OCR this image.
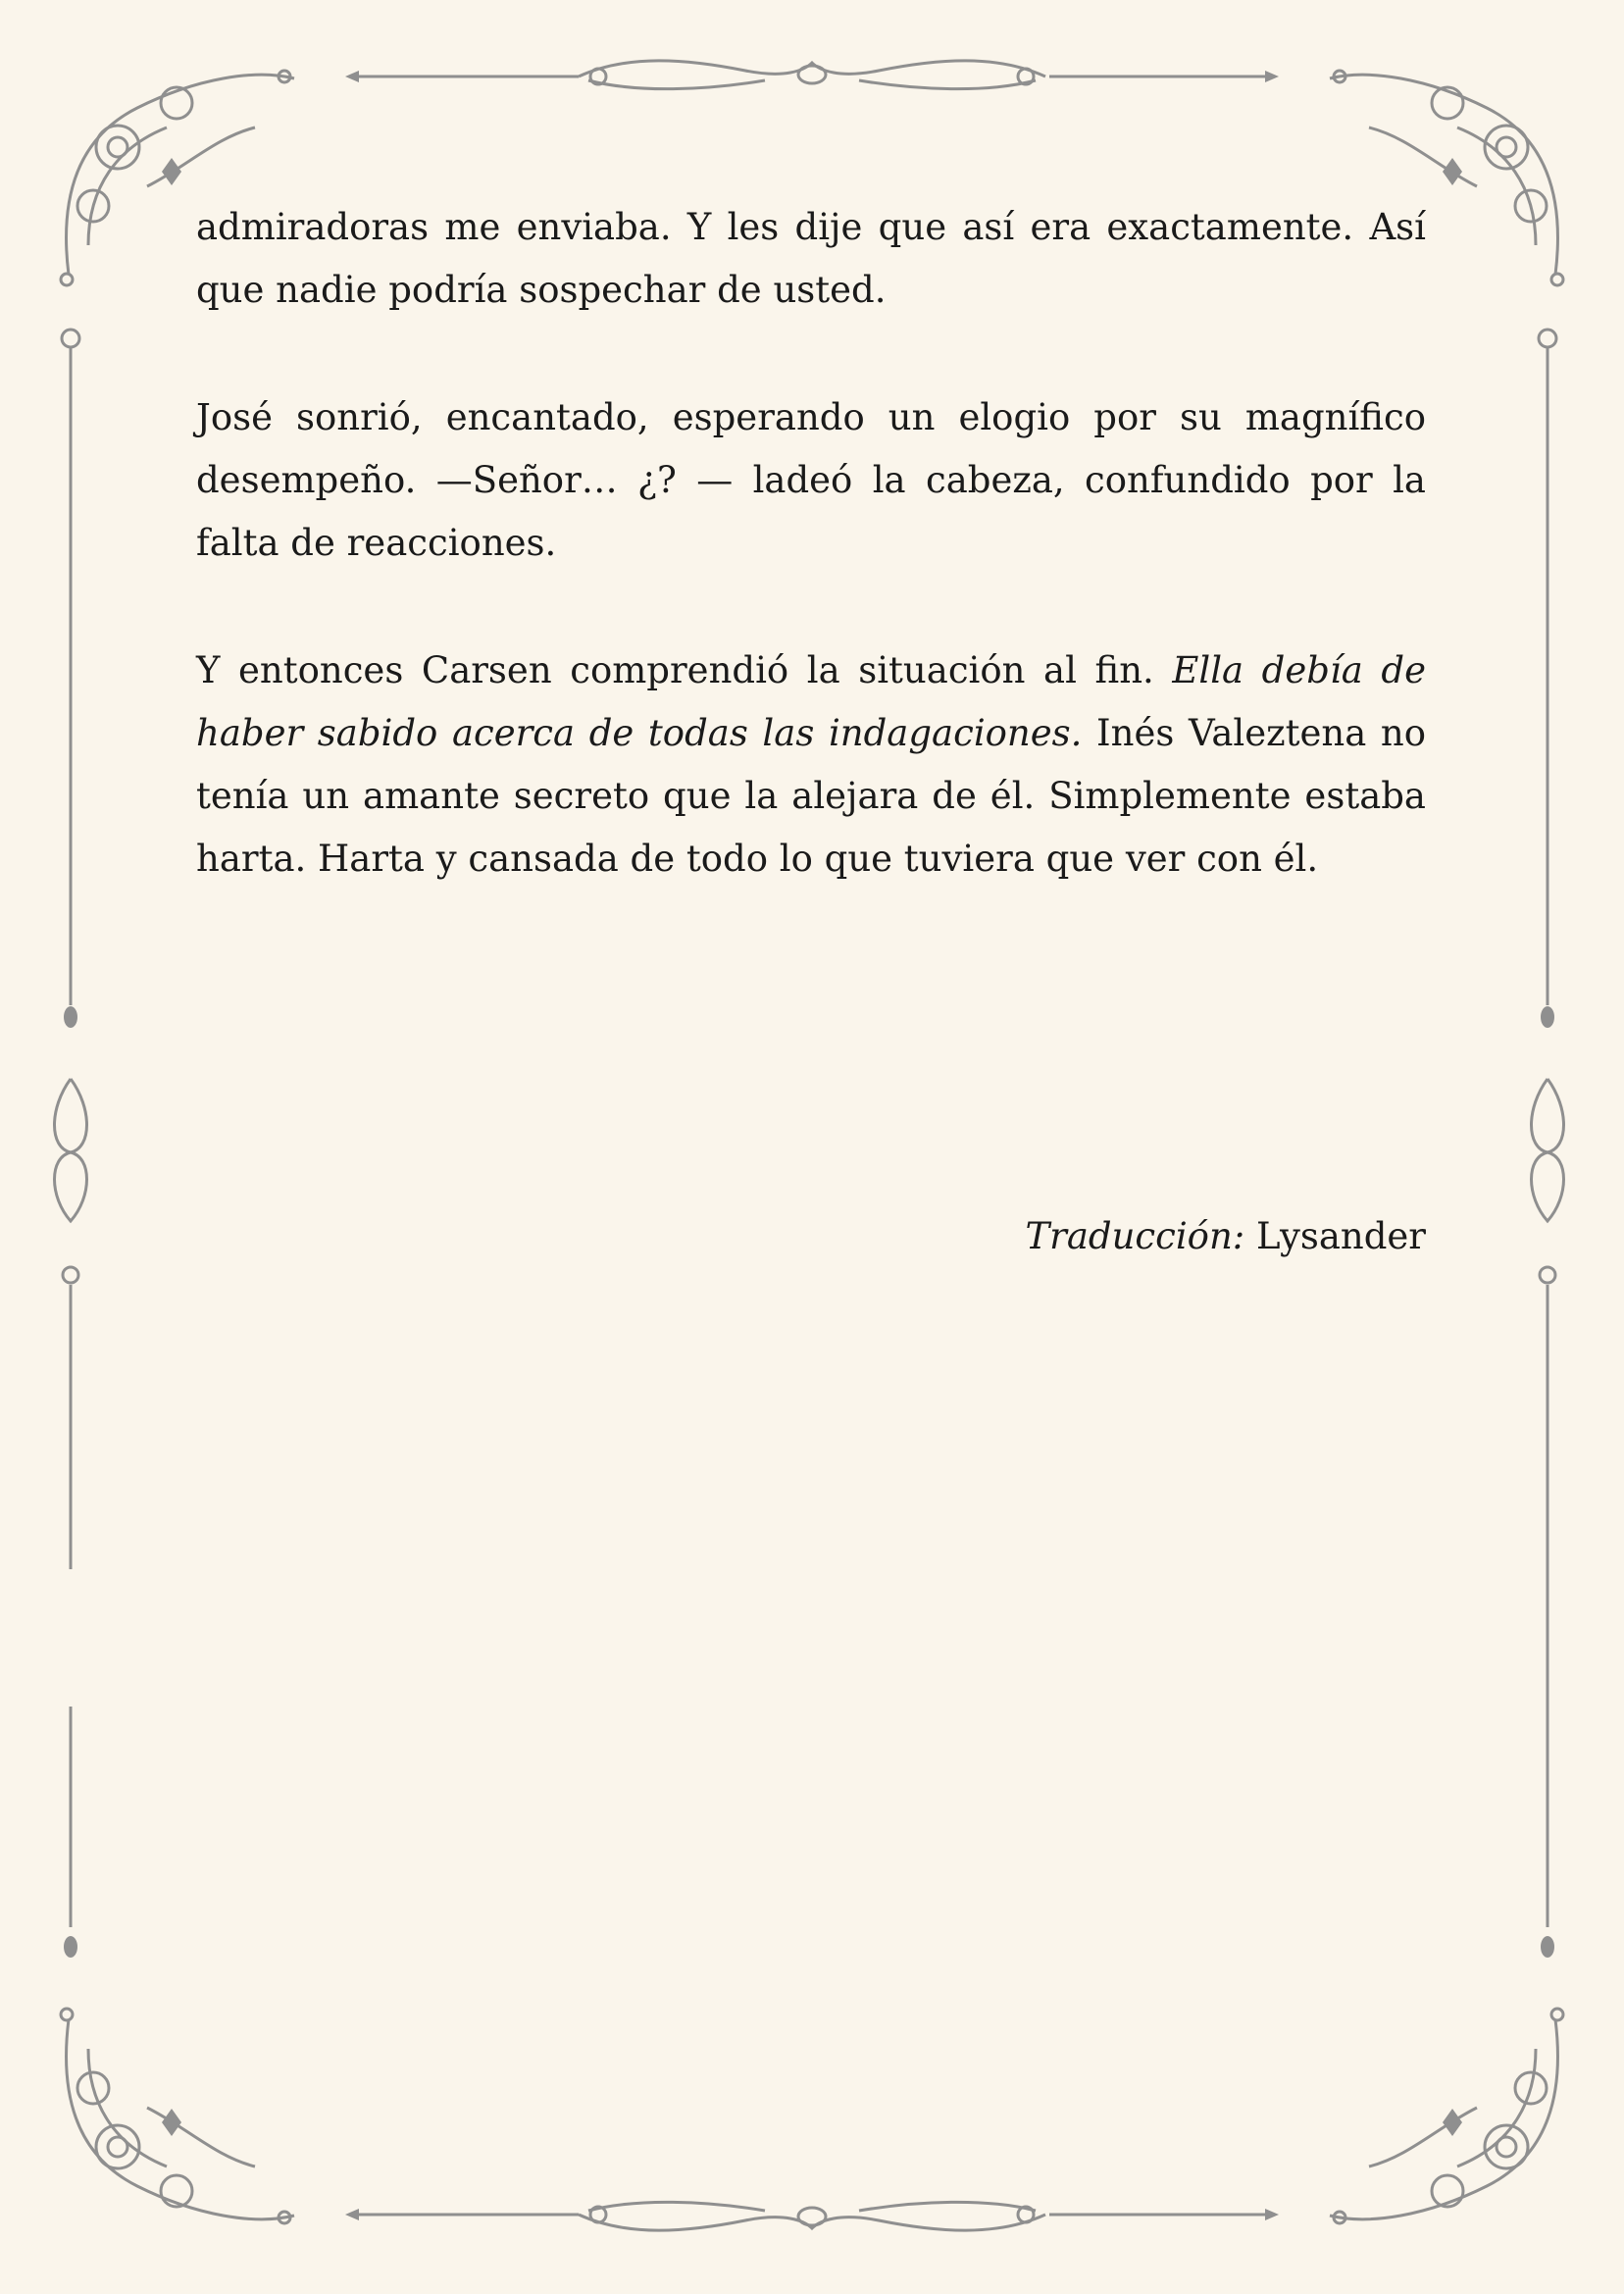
admiradoras me enviaba. Y les dije que así era exactamente. Así que nadie podría sospechar de usted.

José sonrió, encantado, esperando un elogio por su magnífico desempeño. —Señor… ¿? — ladeó la cabeza, confundido por la falta de reacciones.

Y entonces Carsen comprendió la situación al fin. Ella debía de haber sabido acerca de todas las indagaciones. Inés Valeztena no tenía un amante secreto que la alejara de él. Simplemente estaba harta. Harta y cansada de todo lo que tuviera que ver con él.

Traducción: Lysander
